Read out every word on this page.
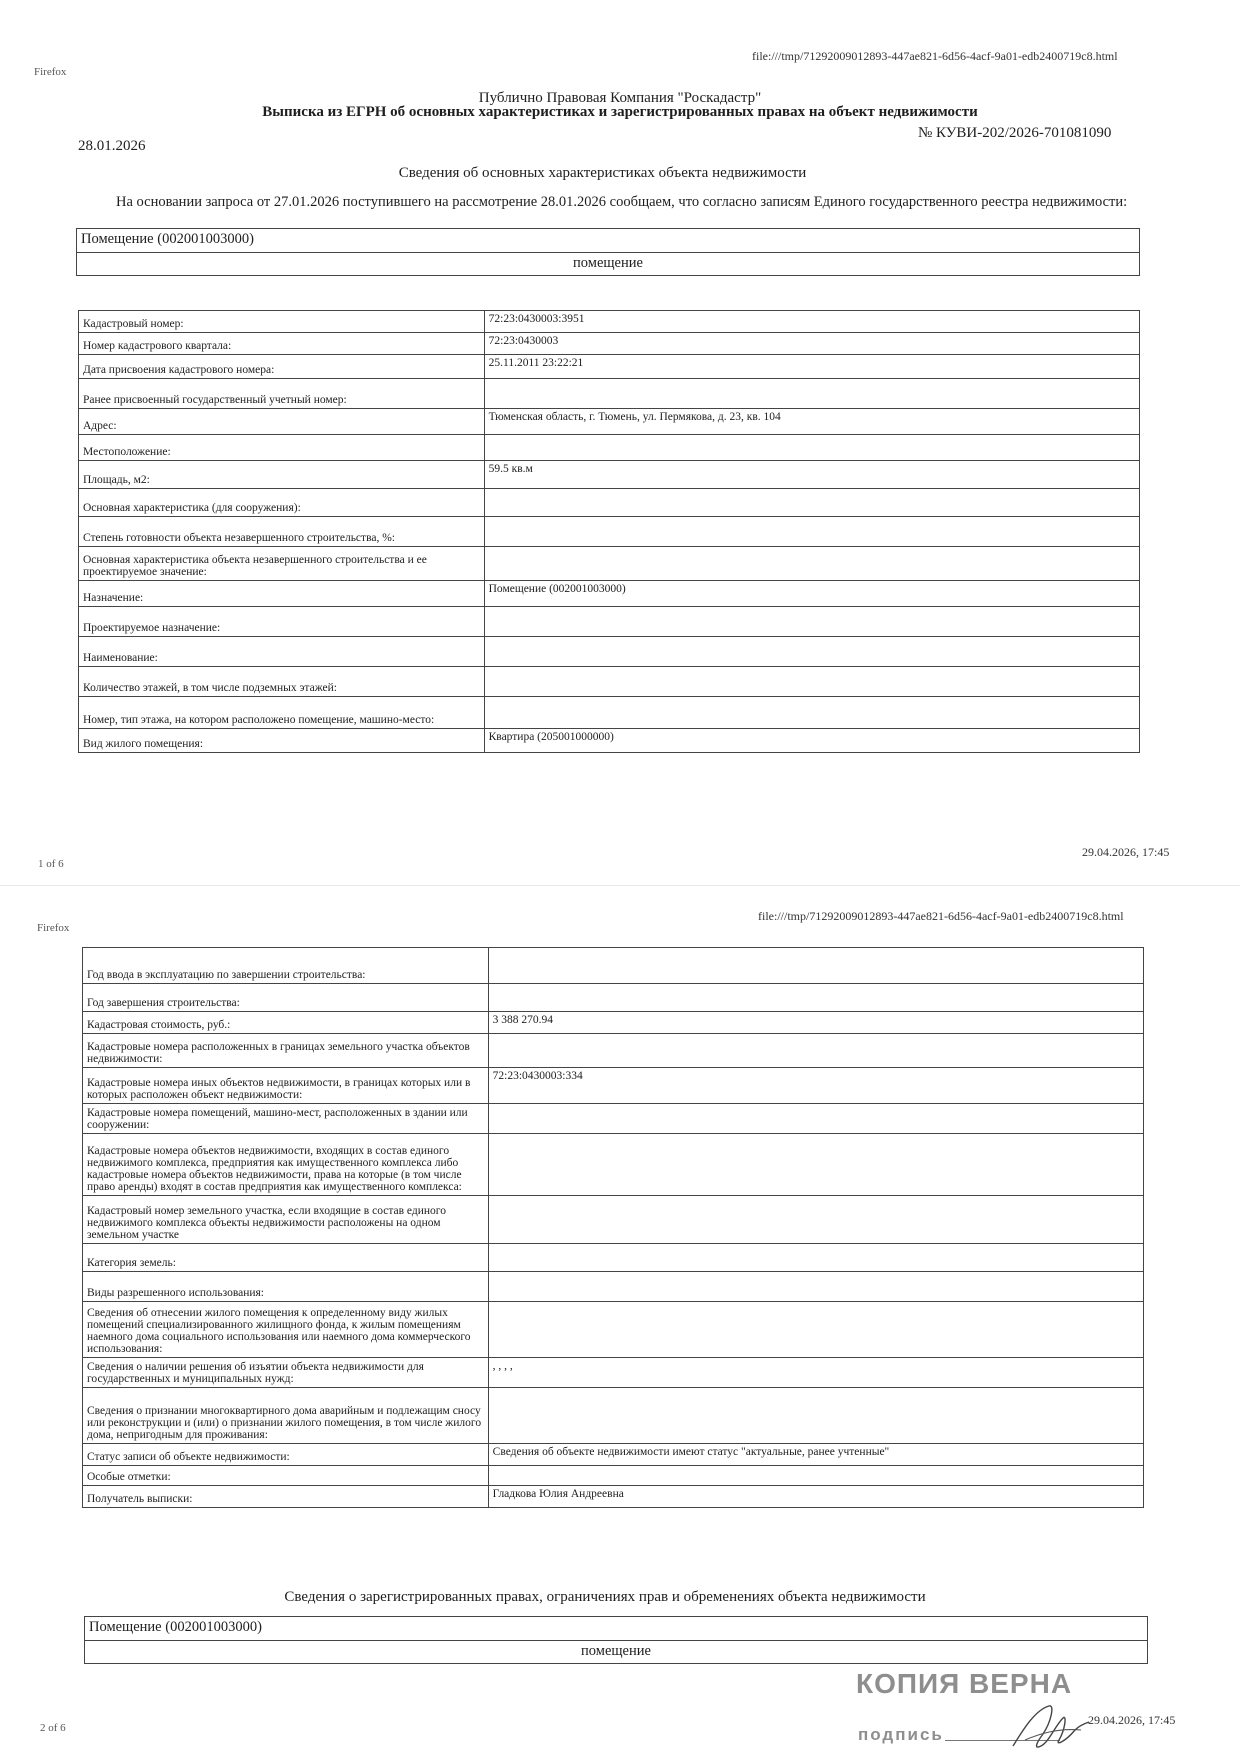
Firefox
file:///tmp/71292009012893-447ae821-6d56-4acf-9a01-edb2400719c8.html
Публично Правовая Компания "Роскадастр"
Выписка из ЕГРН об основных характеристиках и зарегистрированных правах на объект недвижимости
28.01.2026
№ КУВИ-202/2026-701081090
Сведения об основных характеристиках объекта недвижимости
На основании запроса от 27.01.2026 поступившего на рассмотрение 28.01.2026 сообщаем, что согласно записям Единого государственного реестра недвижимости:
Помещение (002001003000)
помещение
Кадастровый номер:	72:23:0430003:3951
Номер кадастрового квартала:	72:23:0430003
Дата присвоения кадастрового номера:	25.11.2011 23:22:21
Ранее присвоенный государственный учетный номер:	
Адрес:	Тюменская область, г. Тюмень, ул. Пермякова, д. 23, кв. 104
Местоположение:	
Площадь, м2:	59.5 кв.м
Основная характеристика (для сооружения):	
Степень готовности объекта незавершенного строительства, %:	
Основная характеристика объекта незавершенного строительства и ее проектируемое значение:	
Назначение:	Помещение (002001003000)
Проектируемое назначение:	
Наименование:	
Количество этажей, в том числе подземных этажей:	
Номер, тип этажа, на котором расположено помещение, машино-место:	
Вид жилого помещения:	Квартира (205001000000)
1 of 6
29.04.2026, 17:45
Firefox
file:///tmp/71292009012893-447ae821-6d56-4acf-9a01-edb2400719c8.html
Год ввода в эксплуатацию по завершении строительства:	
Год завершения строительства:	
Кадастровая стоимость, руб.:	3 388 270.94
Кадастровые номера расположенных в границах земельного участка объектов недвижимости:	
Кадастровые номера иных объектов недвижимости, в границах которых или в которых расположен объект недвижимости:	72:23:0430003:334
Кадастровые номера помещений, машино-мест, расположенных в здании или сооружении:	
Кадастровые номера объектов недвижимости, входящих в состав единого недвижимого комплекса, предприятия как имущественного комплекса либо кадастровые номера объектов недвижимости, права на которые (в том числе право аренды) входят в состав предприятия как имущественного комплекса:	
Кадастровый номер земельного участка, если входящие в состав единого недвижимого комплекса объекты недвижимости расположены на одном земельном участке	
Категория земель:	
Виды разрешенного использования:	
Сведения об отнесении жилого помещения к определенному виду жилых помещений специализированного жилищного фонда, к жилым помещениям наемного дома социального использования или наемного дома коммерческого использования:	
Сведения о наличии решения об изъятии объекта недвижимости для государственных и муниципальных нужд:	, , , ,
Сведения о признании многоквартирного дома аварийным и подлежащим сносу или реконструкции и (или) о признании жилого помещения, в том числе жилого дома, непригодным для проживания:	
Статус записи об объекте недвижимости:	Сведения об объекте недвижимости имеют статус "актуальные, ранее учтенные"
Особые отметки:	
Получатель выписки:	Гладкова Юлия Андреевна
Сведения о зарегистрированных правах, ограничениях прав и обременениях объекта недвижимости
Помещение (002001003000)
помещение
КОПИЯ ВЕРНА
подпись
2 of 6
29.04.2026, 17:45
